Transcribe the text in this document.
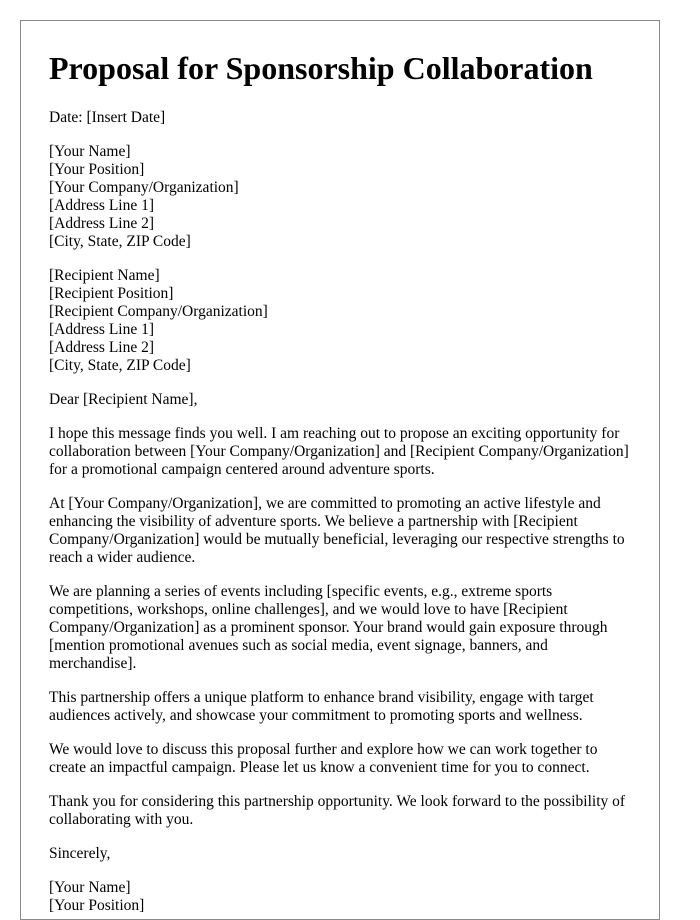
Proposal for Sponsorship Collaboration

Date: [Insert Date]

[Your Name]
[Your Position]
[Your Company/Organization]
[Address Line 1]
[Address Line 2]
[City, State, ZIP Code]

[Recipient Name]
[Recipient Position]
[Recipient Company/Organization]
[Address Line 1]
[Address Line 2]
[City, State, ZIP Code]

Dear [Recipient Name],

I hope this message finds you well. I am reaching out to propose an exciting opportunity for collaboration between [Your Company/Organization] and [Recipient Company/Organization] for a promotional campaign centered around adventure sports.

At [Your Company/Organization], we are committed to promoting an active lifestyle and enhancing the visibility of adventure sports. We believe a partnership with [Recipient Company/Organization] would be mutually beneficial, leveraging our respective strengths to reach a wider audience.

We are planning a series of events including [specific events, e.g., extreme sports competitions, workshops, online challenges], and we would love to have [Recipient Company/Organization] as a prominent sponsor. Your brand would gain exposure through [mention promotional avenues such as social media, event signage, banners, and merchandise].

This partnership offers a unique platform to enhance brand visibility, engage with target audiences actively, and showcase your commitment to promoting sports and wellness.

We would love to discuss this proposal further and explore how we can work together to create an impactful campaign. Please let us know a convenient time for you to connect.

Thank you for considering this partnership opportunity. We look forward to the possibility of collaborating with you.

Sincerely,

[Your Name]
[Your Position]
